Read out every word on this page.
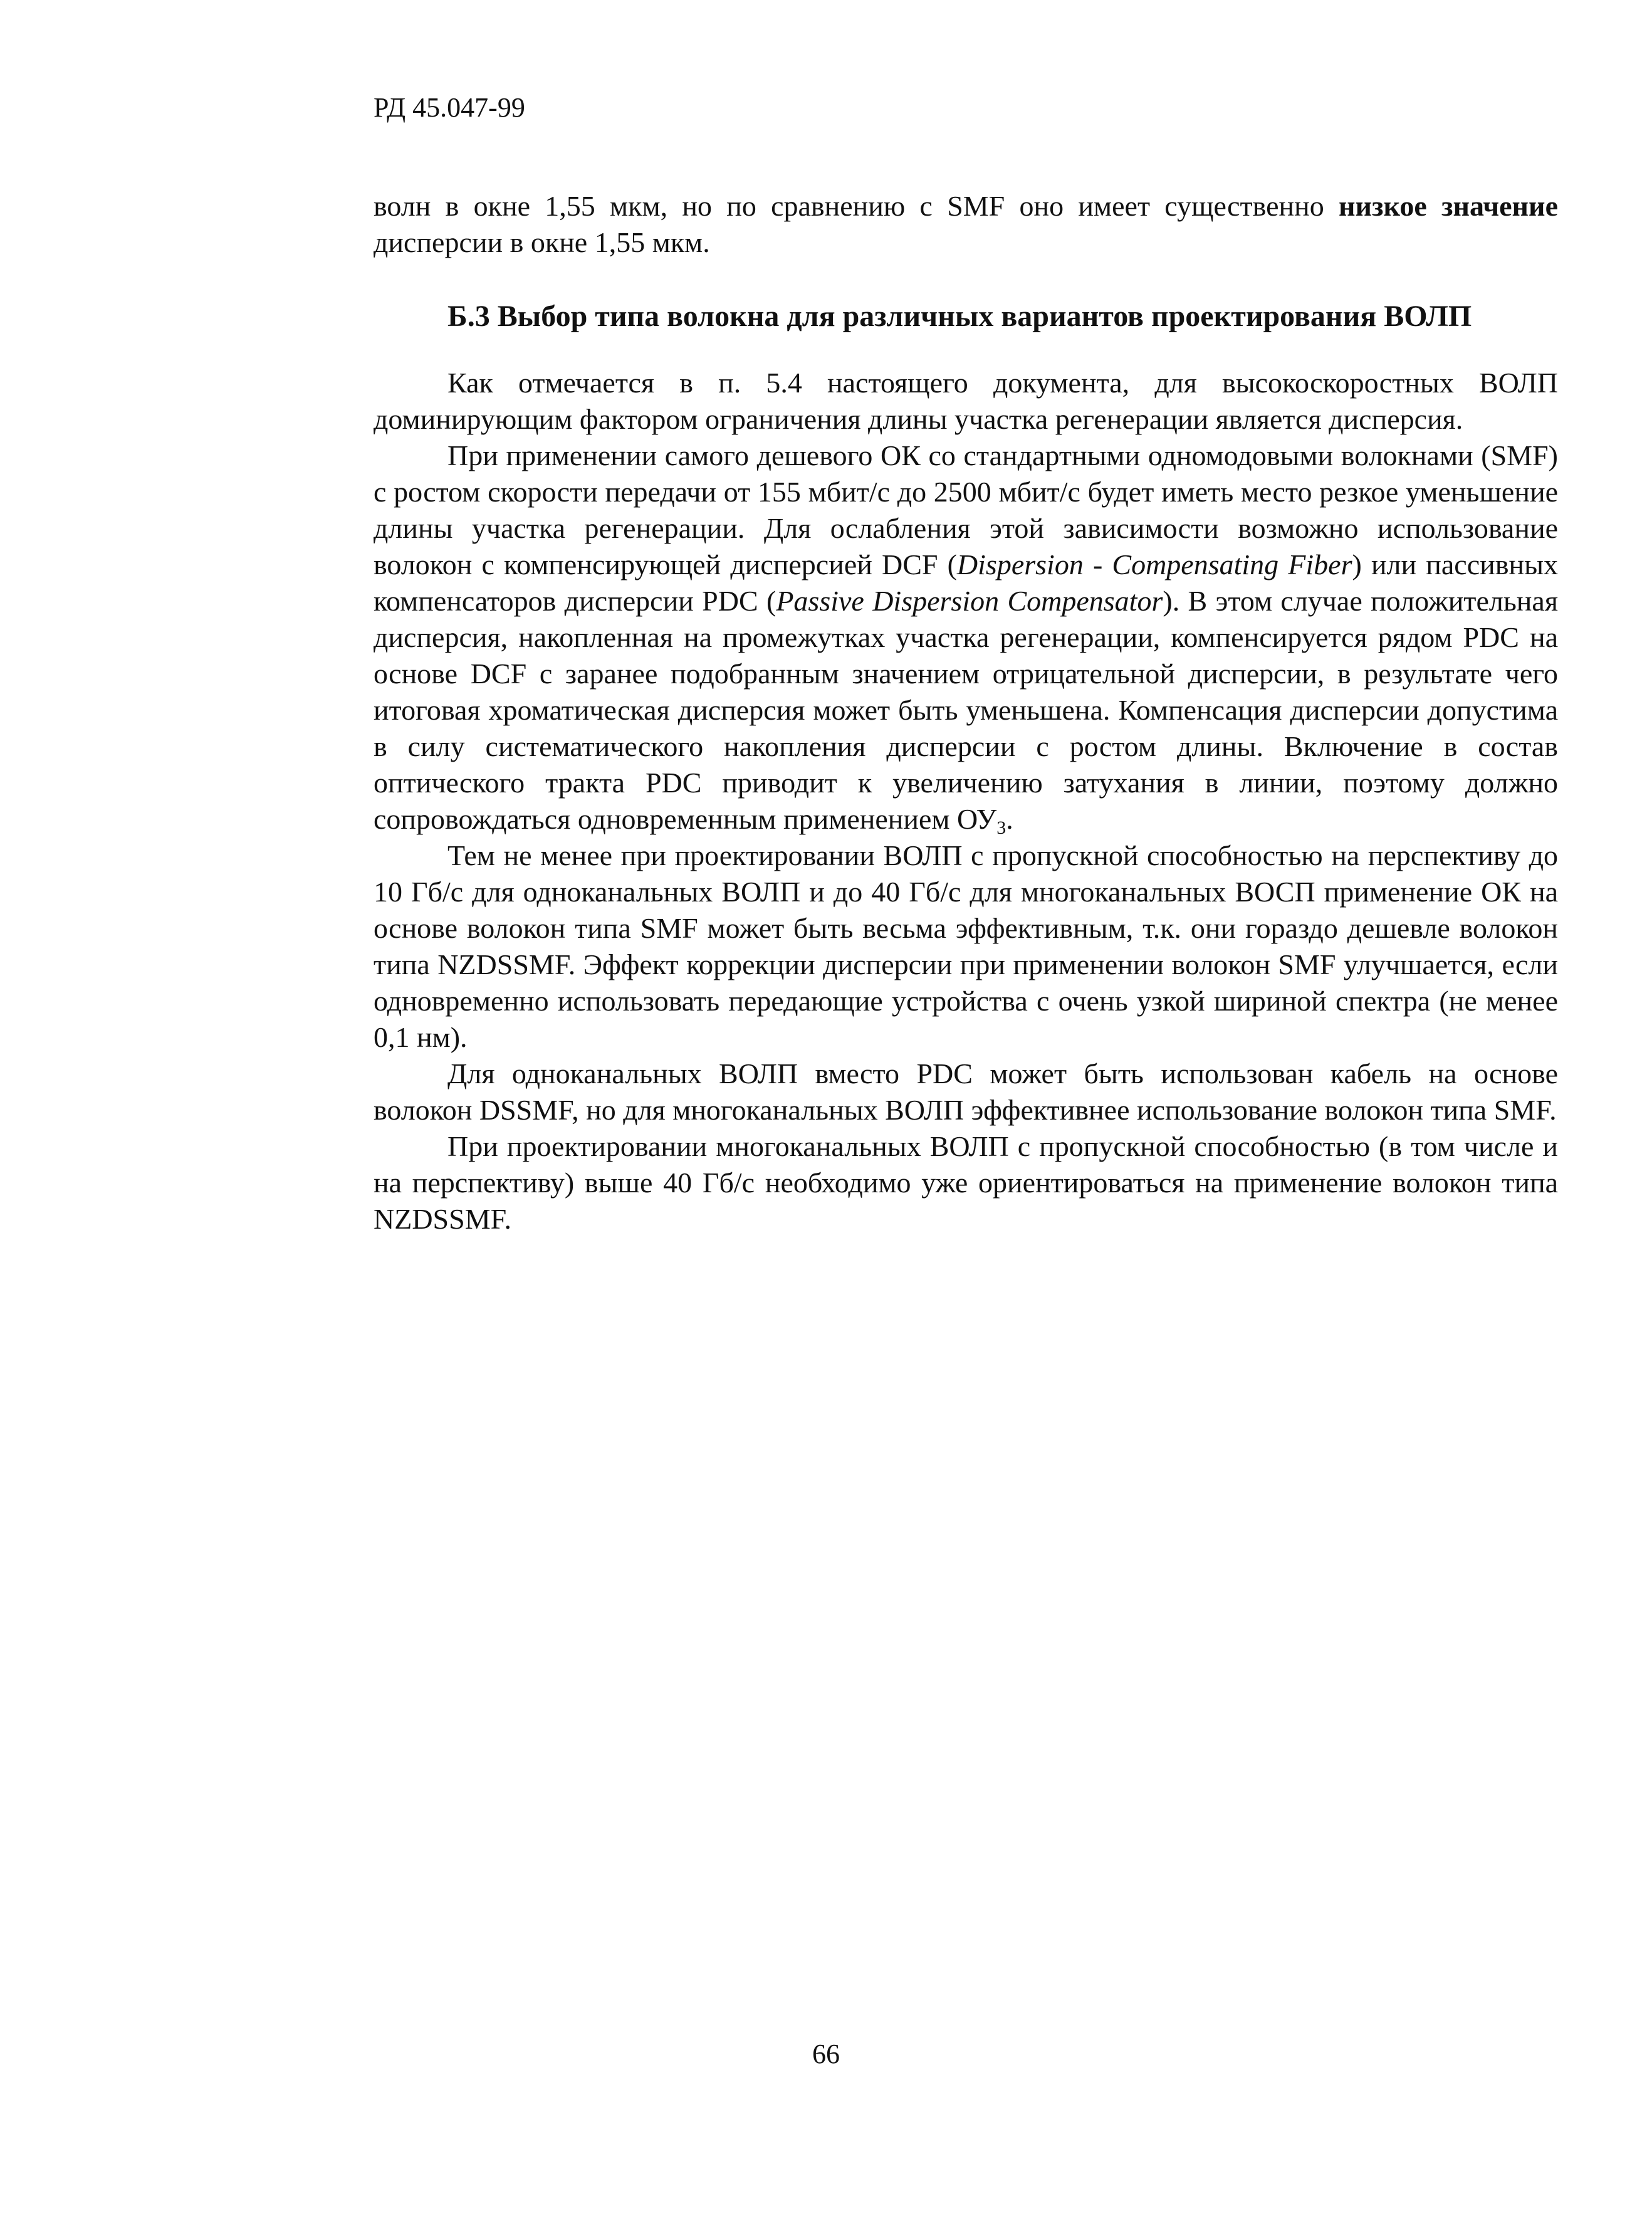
РД 45.047-99

волн в окне 1,55 мкм, но по сравнению с SMF оно имеет существенно низкое значение дисперсии в окне 1,55 мкм.

Б.3 Выбор типа волокна для различных вариантов проектирования ВОЛП

Как отмечается в п. 5.4 настоящего документа, для высокоскоростных ВОЛП доминирующим фактором ограничения длины участка регенерации является дисперсия.

При применении самого дешевого ОК со стандартными одномодовыми волокнами (SMF) с ростом скорости передачи от 155 мбит/с до 2500 мбит/с будет иметь место резкое уменьшение длины участка регенерации. Для ослабления этой зависимости возможно использование волокон с компенсирующей дисперсией DCF (Dispersion - Compensating Fiber) или пассивных компенсаторов дисперсии PDC (Passive Dispersion Compensator). В этом случае положительная дисперсия, накопленная на промежутках участка регенерации, компенсируется рядом PDC на основе DCF с заранее подобранным значением отрицательной дисперсии, в результате чего итоговая хроматическая дисперсия может быть уменьшена. Компенсация дисперсии допустима в силу систематического накопления дисперсии с ростом длины. Включение в состав оптического тракта PDC приводит к увеличению затухания в линии, поэтому должно сопровождаться одновременным применением $ОУ_3$.

Тем не менее при проектировании ВОЛП с пропускной способностью на перспективу до 10 Гб/с для одноканальных ВОЛП и до 40 Гб/с для многоканальных ВОСП применение ОК на основе волокон типа SMF может быть весьма эффективным, т.к. они гораздо дешевле волокон типа NZDSSMF. Эффект коррекции дисперсии при применении волокон SMF улучшается, если одновременно использовать передающие устройства с очень узкой шириной спектра (не менее 0,1 нм).

Для одноканальных ВОЛП вместо PDC может быть использован кабель на основе волокон DSSMF, но для многоканальных ВОЛП эффективнее использование волокон типа SMF.

При проектировании многоканальных ВОЛП с пропускной способностью (в том числе и на перспективу) выше 40 Гб/с необходимо уже ориентироваться на применение волокон типа NZDSSMF.

66
